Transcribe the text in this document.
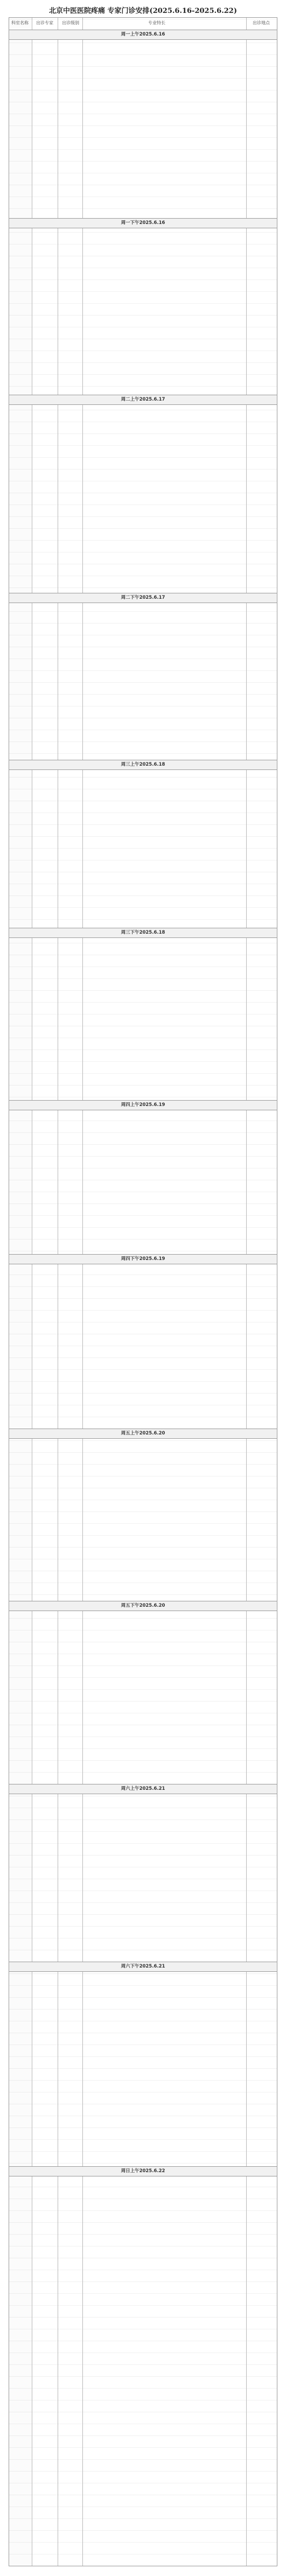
北京中医医院疼痛 专家门诊安排(2025.6.16-2025.6.22)
科室名称 出诊专家 出诊级别	专业特长	出诊地点
周一上午2025.6.16
周一下午2025.6.16
周二上午2025.6.17
周二下午2025.6.17
周三上午2025.6.18
周三下午2025.6.18
周四上午2025.6.19
周四下午2025.6.19
周五上午2025.6.20
周五下午2025.6.20
周六上午2025.6.21
周六下午2025.6.21
周日上午2025.6.22
